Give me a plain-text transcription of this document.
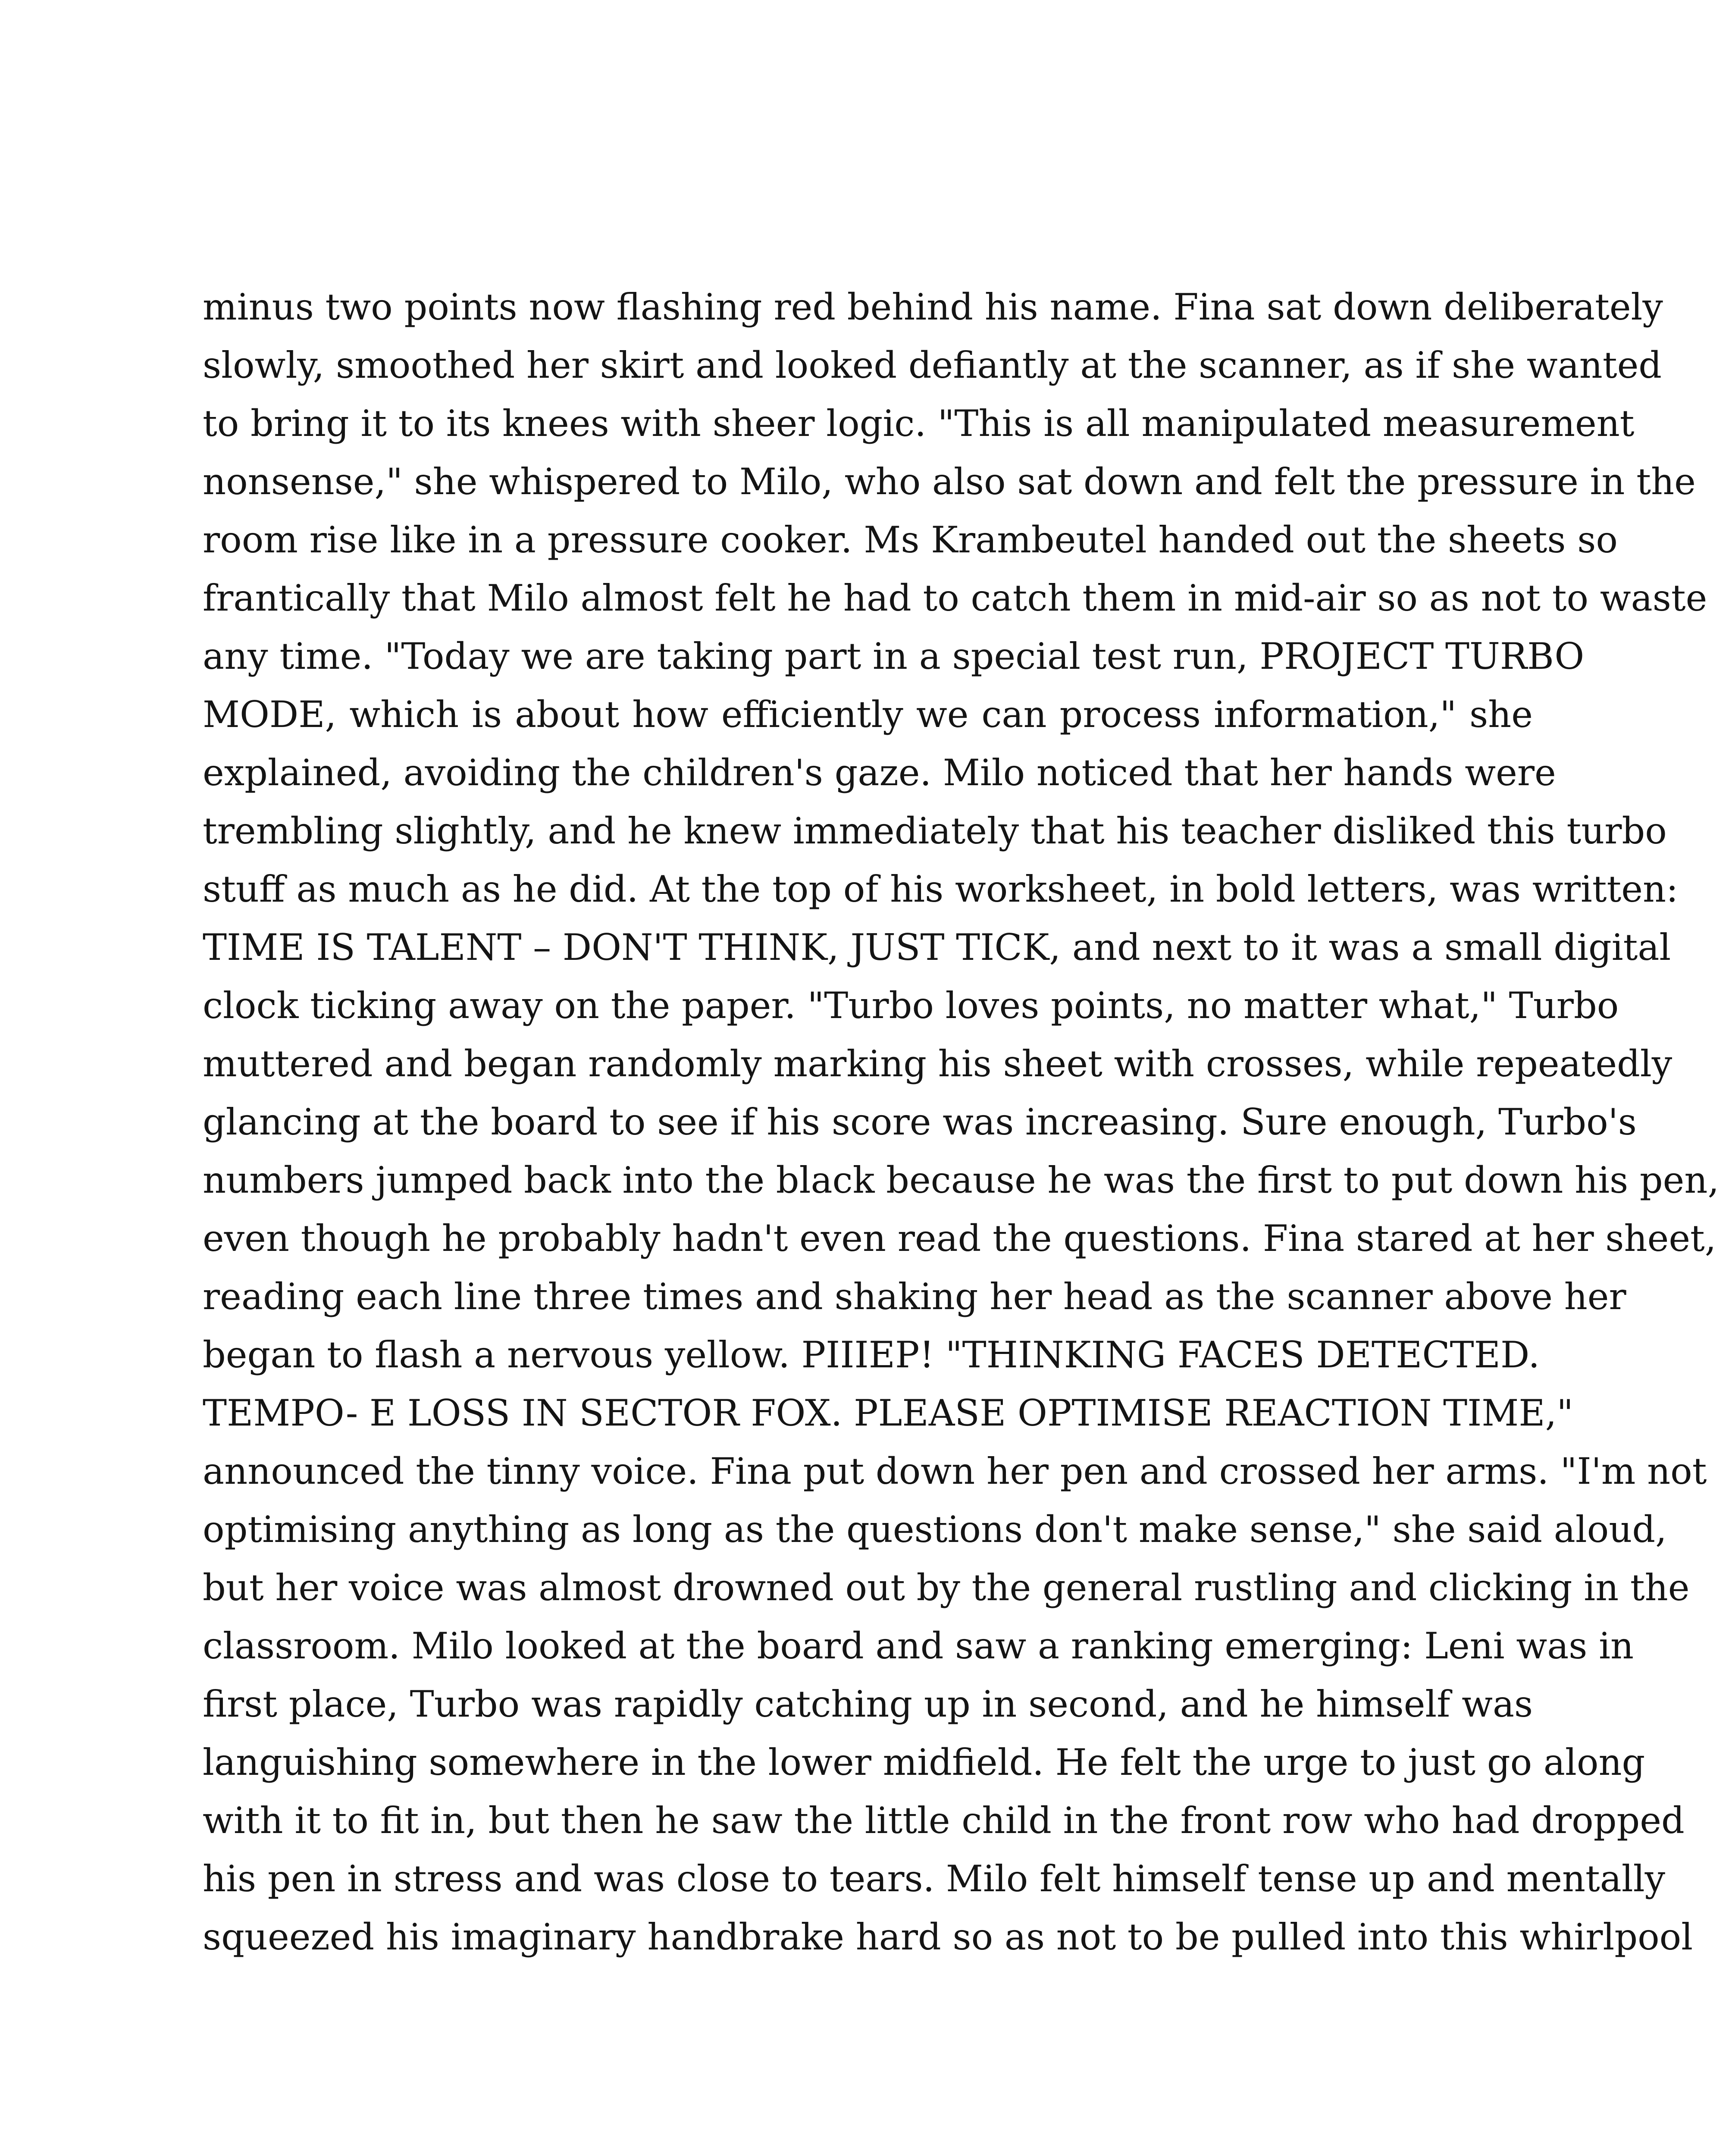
minus two points now flashing red behind his name. Fina sat down deliberately
slowly, smoothed her skirt and looked defiantly at the scanner, as if she wanted
to bring it to its knees with sheer logic. "This is all manipulated measurement
nonsense," she whispered to Milo, who also sat down and felt the pressure in the
room rise like in a pressure cooker. Ms Krambeutel handed out the sheets so
frantically that Milo almost felt he had to catch them in mid-air so as not to waste
any time. "Today we are taking part in a special test run, PROJECT TURBO
MODE, which is about how efficiently we can process information," she
explained, avoiding the children's gaze. Milo noticed that her hands were
trembling slightly, and he knew immediately that his teacher disliked this turbo
stuff as much as he did. At the top of his worksheet, in bold letters, was written:
TIME IS TALENT – DON'T THINK, JUST TICK, and next to it was a small digital
clock ticking away on the paper. "Turbo loves points, no matter what," Turbo
muttered and began randomly marking his sheet with crosses, while repeatedly
glancing at the board to see if his score was increasing. Sure enough, Turbo's
numbers jumped back into the black because he was the first to put down his pen,
even though he probably hadn't even read the questions. Fina stared at her sheet,
reading each line three times and shaking her head as the scanner above her
began to flash a nervous yellow. PIIIEP! "THINKING FACES DETECTED.
TEMPO- E LOSS IN SECTOR FOX. PLEASE OPTIMISE REACTION TIME,"
announced the tinny voice. Fina put down her pen and crossed her arms. "I'm not
optimising anything as long as the questions don't make sense," she said aloud,
but her voice was almost drowned out by the general rustling and clicking in the
classroom. Milo looked at the board and saw a ranking emerging: Leni was in
first place, Turbo was rapidly catching up in second, and he himself was
languishing somewhere in the lower midfield. He felt the urge to just go along
with it to fit in, but then he saw the little child in the front row who had dropped
his pen in stress and was close to tears. Milo felt himself tense up and mentally
squeezed his imaginary handbrake hard so as not to be pulled into this whirlpool
